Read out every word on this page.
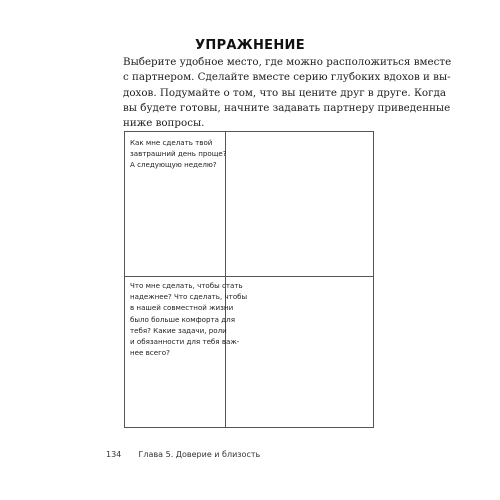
УПРАЖНЕНИЕ
Выберите удобное место, где можно расположиться вместе
с партнером. Сделайте вместе серию глубоких вдохов и вы-
дохов. Подумайте о том, что вы цените друг в друге. Когда
вы будете готовы, начните задавать партнеру приведенные
ниже вопросы.
Как мне сделать твой
завтрашний день проще?
А следующую неделю?
Что мне сделать, чтобы стать
надежнее? Что сделать, чтобы
в нашей совместной жизни
было больше комфорта для
тебя? Какие задачи, роли
и обязанности для тебя важ-
нее всего?
134 Глава 5. Доверие и близость
